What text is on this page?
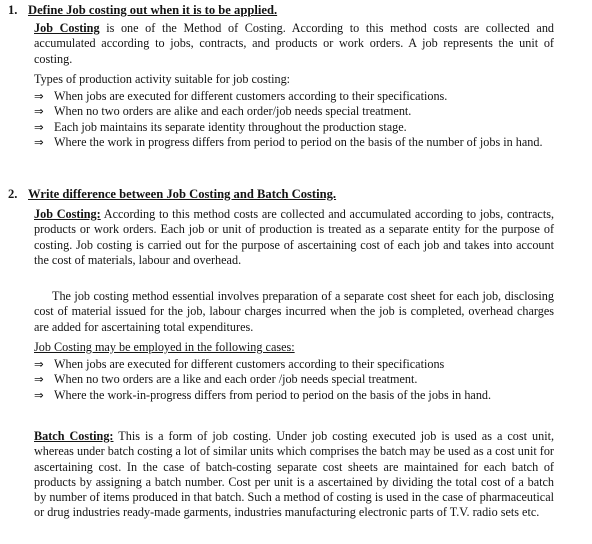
1. Define Job costing out when it is to be applied.
Job Costing is one of the Method of Costing. According to this method costs are collected and accumulated according to jobs, contracts, and products or work orders. A job represents the unit of costing.
Types of production activity suitable for job costing:
⇒ When jobs are executed for different customers according to their specifications.
⇒ When no two orders are alike and each order/job needs special treatment.
⇒ Each job maintains its separate identity throughout the production stage.
⇒ Where the work in progress differs from period to period on the basis of the number of jobs in hand.
2. Write difference between Job Costing and Batch Costing.
Job Costing: According to this method costs are collected and accumulated according to jobs, contracts, products or work orders. Each job or unit of production is treated as a separate entity for the purpose of costing. Job costing is carried out for the purpose of ascertaining cost of each job and takes into account the cost of materials, labour and overhead.
The job costing method essential involves preparation of a separate cost sheet for each job, disclosing cost of material issued for the job, labour charges incurred when the job is completed, overhead charges are added for ascertaining total expenditures.
Job Costing may be employed in the following cases:
⇒ When jobs are executed for different customers according to their specifications
⇒ When no two orders are a like and each order /job needs special treatment.
⇒ Where the work-in-progress differs from period to period on the basis of the jobs in hand.
Batch Costing: This is a form of job costing. Under job costing executed job is used as a cost unit, whereas under batch costing a lot of similar units which comprises the batch may be used as a cost unit for ascertaining cost. In the case of batch-costing separate cost sheets are maintained for each batch of products by assigning a batch number. Cost per unit is a ascertained by dividing the total cost of a batch by number of items produced in that batch. Such a method of costing is used in the case of pharmaceutical or drug industries ready-made garments, industries manufacturing electronic parts of T.V. radio sets etc.
